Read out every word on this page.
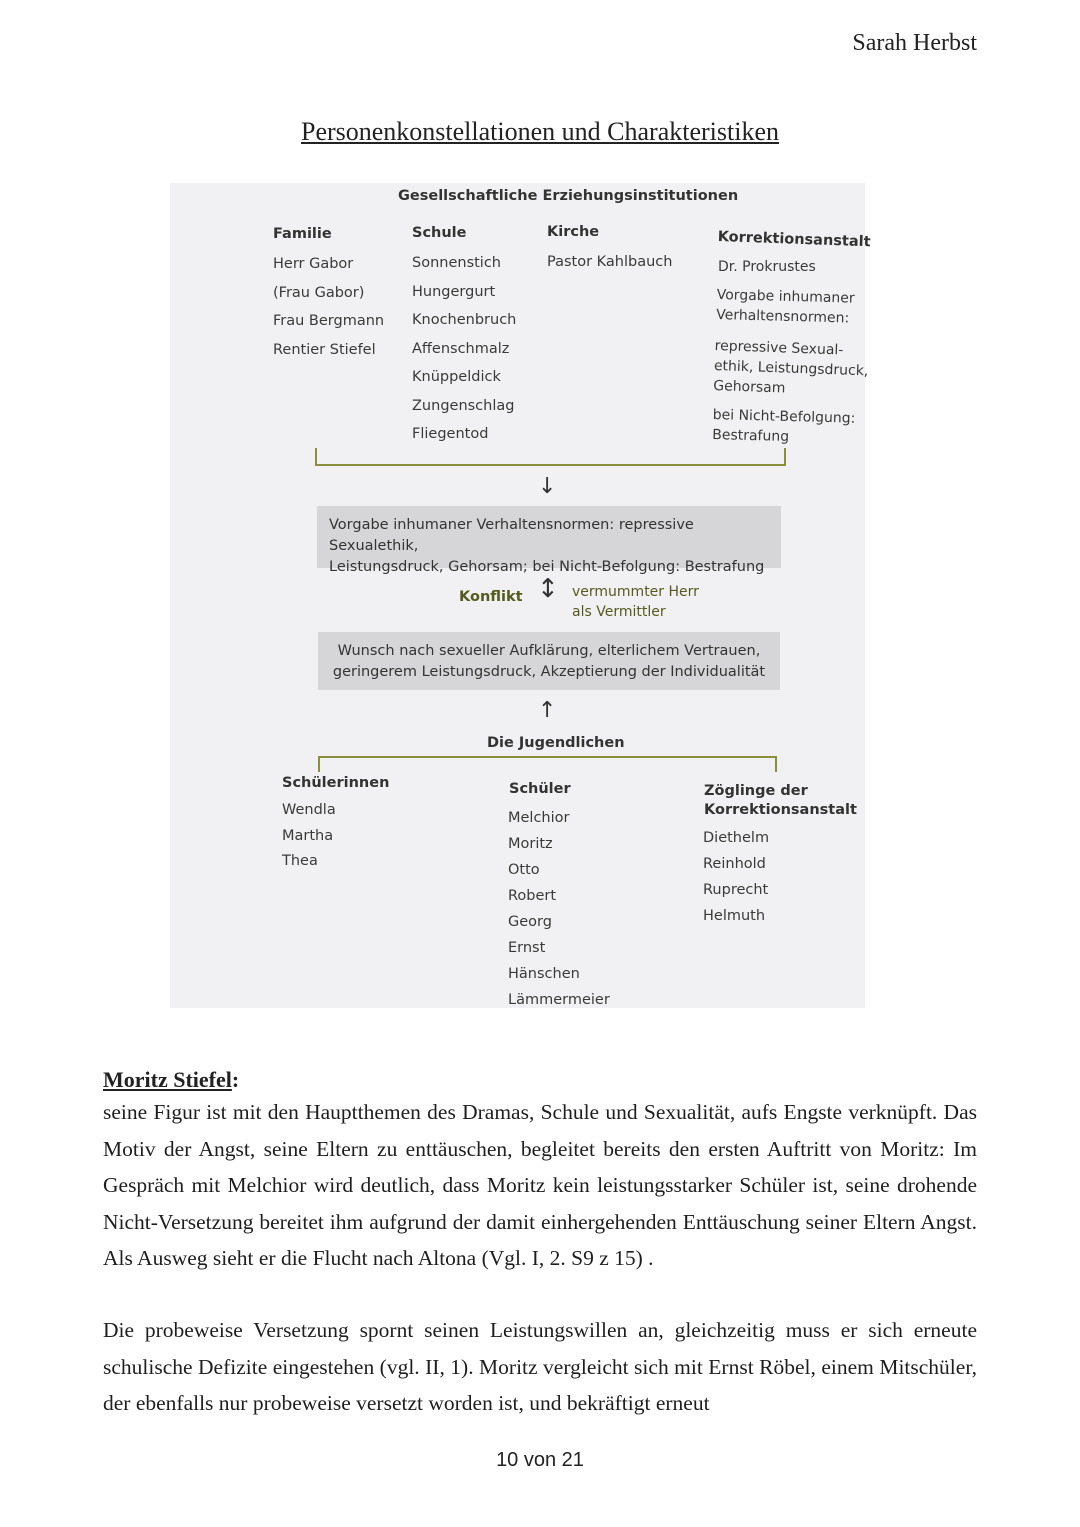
Sarah Herbst
Personenkonstellationen und Charakteristiken
Gesellschaftliche Erziehungsinstitutionen
Familie
Herr Gabor
(Frau Gabor)
Frau Bergmann
Rentier Stiefel
Schule
Sonnenstich
Hungergurt
Knochenbruch
Affenschmalz
Knüppeldick
Zungenschlag
Fliegentod
Kirche
Pastor Kahlbauch
Korrektionsanstalt
Dr. Prokrustes
Vorgabe inhumaner
Verhaltensnormen:
repressive Sexual-
ethik, Leistungsdruck,
Gehorsam
bei Nicht-Befolgung:
Bestrafung
↓
Vorgabe inhumaner Verhaltensnormen: repressive Sexualethik,
Leistungsdruck, Gehorsam; bei Nicht-Befolgung: Bestrafung
Konflikt ↕ vermummter Herr
als Vermittler
Wunsch nach sexueller Aufklärung, elterlichem Vertrauen,
geringerem Leistungsdruck, Akzeptierung der Individualität
↑
Die Jugendlichen
Schülerinnen
Wendla
Martha
Thea
Schüler
Melchior
Moritz
Otto
Robert
Georg
Ernst
Hänschen
Lämmermeier
Zöglinge der
Korrektionsanstalt
Diethelm
Reinhold
Ruprecht
Helmuth
Moritz Stiefel:
seine Figur ist mit den Hauptthemen des Dramas, Schule und Sexualität, aufs Engste verknüpft. Das Motiv der Angst, seine Eltern zu enttäuschen, begleitet bereits den ersten Auftritt von Moritz: Im Gespräch mit Melchior wird deutlich, dass Moritz kein leistungsstarker Schüler ist, seine drohende Nicht-Versetzung bereitet ihm aufgrund der damit einhergehenden Enttäuschung seiner Eltern Angst. Als Ausweg sieht er die Flucht nach Altona (Vgl. I, 2. S9 z 15) .
Die probeweise Versetzung spornt seinen Leistungswillen an, gleichzeitig muss er sich erneute schulische Defizite eingestehen (vgl. II, 1). Moritz vergleicht sich mit Ernst Röbel, einem Mitschüler, der ebenfalls nur probeweise versetzt worden ist, und bekräftigt erneut
10 von 21
